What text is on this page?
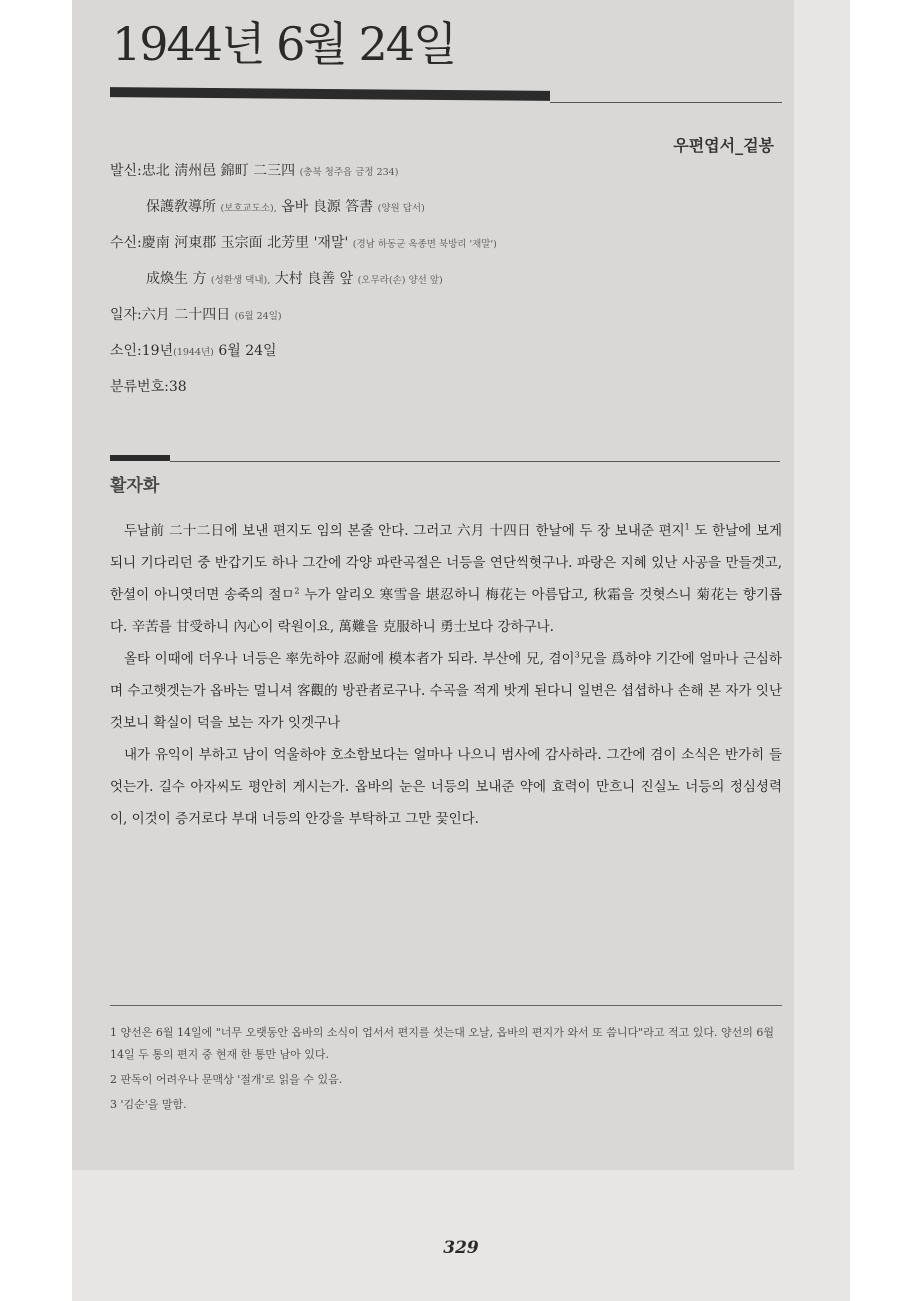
1944년 6월 24일
우편엽서_겉봉

발신:忠北 淸州邑 錦町 二三四 (충북 청주읍 금정 234)

保護敎導所 (보호교도소), 옵바 良源 答書 (양원 답서)

수신:慶南 河東郡 玉宗面 北芳里 '재말' (경남 하동군 옥종면 북방리 '재말')

成煥生 方 (성환생 댁내), 大村 良善 앞 (오무라(손) 양선 앞)

일자:六月 二十四日 (6월 24일)

소인:19년(1944년) 6월 24일

분류번호:38

활자화

두날前 二十二日에 보낸 편지도 임의 본줄 안다. 그러고 六月 十四日 한날에 두 장 보내준 편지$^1$ 도 한날에 보게 되니 기다리던 중 반갑기도 하나 그간에 각양 파란곡절은 너등을 연단씩혓구나. 파랑은 지혜 있난 사공을 만들겟고, 한셜이 아니엿더면 송죽의 절ㅁ$^2$ 누가 알리오 寒雪을 堪忍하니 梅花는 아름답고, 秋霜을 것혓스니 菊花는 향기롭다. 辛苦를 甘受하니 內心이 락원이요, 萬難을 克服하니 勇士보다 강하구나.

올타 이때에 더우나 너등은 率先하야 忍耐에 模本者가 되라. 부산에 兄, 겸이$^3$兄을 爲하야 기간에 얼마나 근심하며 수고햇겟는가 옵바는 멀니셔 客觀的 방관者로구나. 수곡을 적게 밧게 된다니 일변은 셥셥하나 손해 본 자가 잇난 것보니 확실이 덕을 보는 자가 잇겟구나

내가 유익이 부하고 남이 억울하야 호소함보다는 얼마나 나으니 범사에 감사하라. 그간에 겸이 소식은 반가히 들엇는가. 길수 아자씨도 평안히 게시는가. 옵바의 눈은 너등의 보내준 약에 효력이 만흐니 진실노 너등의 정심셩력이, 이것이 증거로다 부대 너등의 안강을 부탁하고 그만 끛인다.

1 양선은 6월 14일에 "너무 오랫동안 옵바의 소식이 업서서 편지를 섯는대 오날, 옵바의 편지가 와서 또 씀니다"라고 적고 있다. 양선의 6월 14일 두 통의 편지 중 현재 한 통만 남아 있다.

2 판독이 어려우나 문맥상 '절개'로 읽을 수 있음.

3 '김순'을 말함.

329
